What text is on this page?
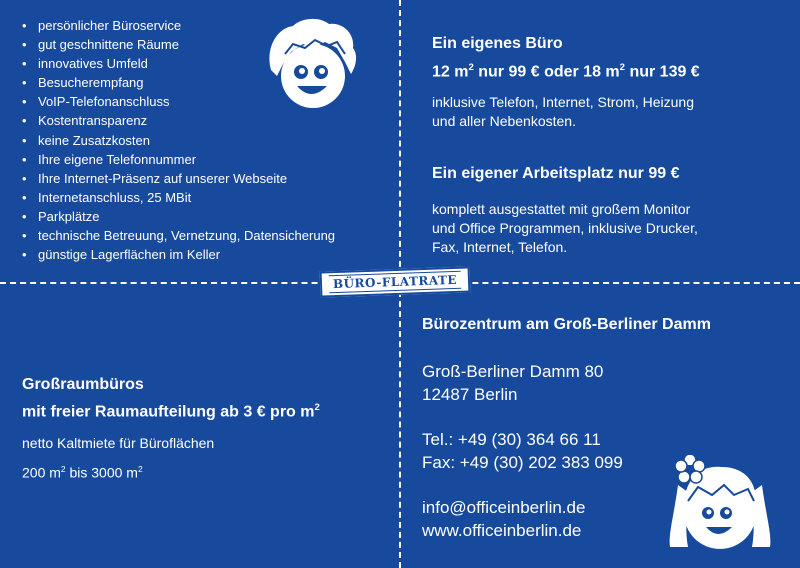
• persönlicher Büroservice
• gut geschnittene Räume
• innovatives Umfeld
• Besucherempfang
• VoIP-Telefonanschluss
• Kostentransparenz
• keine Zusatzkosten
• Ihre eigene Telefonnummer
• Ihre Internet-Präsenz auf unserer Webseite
• Internetanschluss, 25 MBit
• Parkplätze
• technische Betreuung, Vernetzung, Datensicherung
• günstige Lagerflächen im Keller
Ein eigenes Büro
12 $m^2$ nur 99 € oder 18 $m^2$ nur 139 €
inklusive Telefon, Internet, Strom, Heizung
und aller Nebenkosten.
Ein eigener Arbeitsplatz nur 99 €
komplett ausgestattet mit großem Monitor
und Office Programmen, inklusive Drucker,
Fax, Internet, Telefon.
BÜRO-FLATRATE
Großraumbüros
mit freier Raumaufteilung ab 3 € pro $m^2$
netto Kaltmiete für Büroflächen
200 $m^2$ bis 3000 $m^2$
Bürozentrum am Groß-Berliner Damm
Groß-Berliner Damm 80
12487 Berlin
Tel.: +49 (30) 364 66 11
Fax: +49 (30) 202 383 099
info@officeinberlin.de
www.officeinberlin.de
